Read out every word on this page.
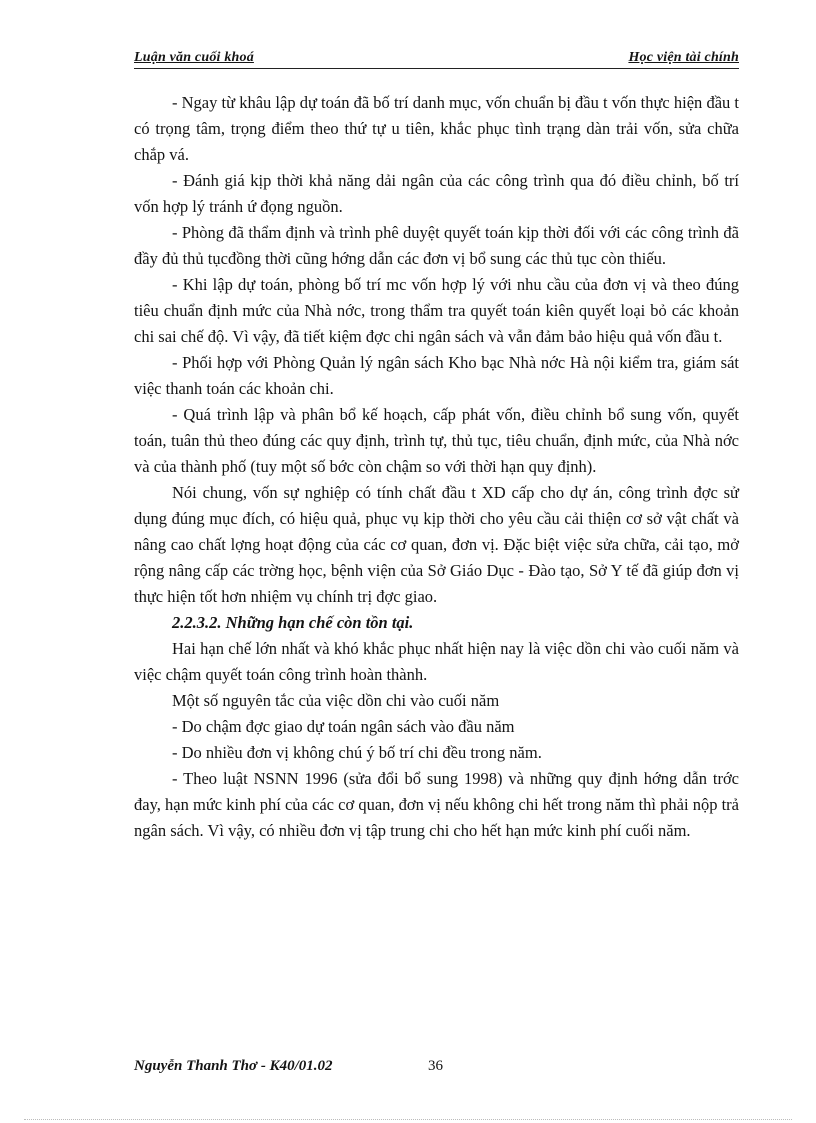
Luận văn cuối khoá	Học viện tài chính

- Ngay từ khâu lập dự toán đã bố trí danh mục, vốn chuẩn bị đầu t vốn thực hiện đầu t có trọng tâm, trọng điểm theo thứ tự u tiên, khắc phục tình trạng dàn trải vốn, sửa chữa chắp vá.

- Đánh giá kịp thời khả năng dải ngân của các công trình qua đó điều chỉnh, bố trí vốn hợp lý tránh ứ đọng nguồn.

- Phòng đã thẩm định và trình phê duyệt quyết toán kịp thời đối với các công trình đã đầy đủ thủ tụcđồng thời cũng hớng dẫn các đơn vị bổ sung các thủ tục còn thiếu.

- Khi lập dự toán, phòng bố trí mc vốn hợp lý với nhu cầu của đơn vị và theo đúng tiêu chuẩn định mức của Nhà nớc, trong thẩm tra quyết toán kiên quyết loại bỏ các khoản chi sai chế độ. Vì vậy, đã tiết kiệm đợc chi ngân sách và vẫn đảm bảo hiệu quả vốn đầu t.

- Phối hợp với Phòng Quản lý ngân sách Kho bạc Nhà nớc Hà nội kiểm tra, giám sát việc thanh toán các khoản chi.

- Quá trình lập và phân bổ kế hoạch, cấp phát vốn, điều chỉnh bổ sung vốn, quyết toán, tuân thủ theo đúng các quy định, trình tự, thủ tục, tiêu chuẩn, định mức, của Nhà nớc và của thành phố (tuy một số bớc còn chậm so với thời hạn quy định).

Nói chung, vốn sự nghiệp có tính chất đầu t XD cấp cho dự án, công trình đợc sử dụng đúng mục đích, có hiệu quả, phục vụ kịp thời cho yêu cầu cải thiện cơ sở vật chất và nâng cao chất lợng hoạt động của các cơ quan, đơn vị. Đặc biệt việc sửa chữa, cải tạo, mở rộng nâng cấp các trờng học, bệnh viện của Sở Giáo Dục - Đào tạo, Sở Y tế đã giúp đơn vị thực hiện tốt hơn nhiệm vụ chính trị đợc giao.

2.2.3.2. Những hạn chế còn tồn tại.

Hai hạn chế lớn nhất và khó khắc phục nhất hiện nay là việc dồn chi vào cuối năm và việc chậm quyết toán công trình hoàn thành.

Một số nguyên tắc của việc dồn chi vào cuối năm

- Do chậm đợc giao dự toán ngân sách vào đầu năm

- Do nhiều đơn vị không chú ý bố trí chi đều trong năm.

- Theo luật NSNN 1996 (sửa đổi bổ sung 1998) và những quy định hớng dẫn trớc đay, hạn mức kinh phí của các cơ quan, đơn vị nếu không chi hết trong năm thì phải nộp trả ngân sách. Vì vậy, có nhiều đơn vị tập trung chi cho hết hạn mức kinh phí cuối năm.

Nguyễn Thanh Thơ - K40/01.02	36
